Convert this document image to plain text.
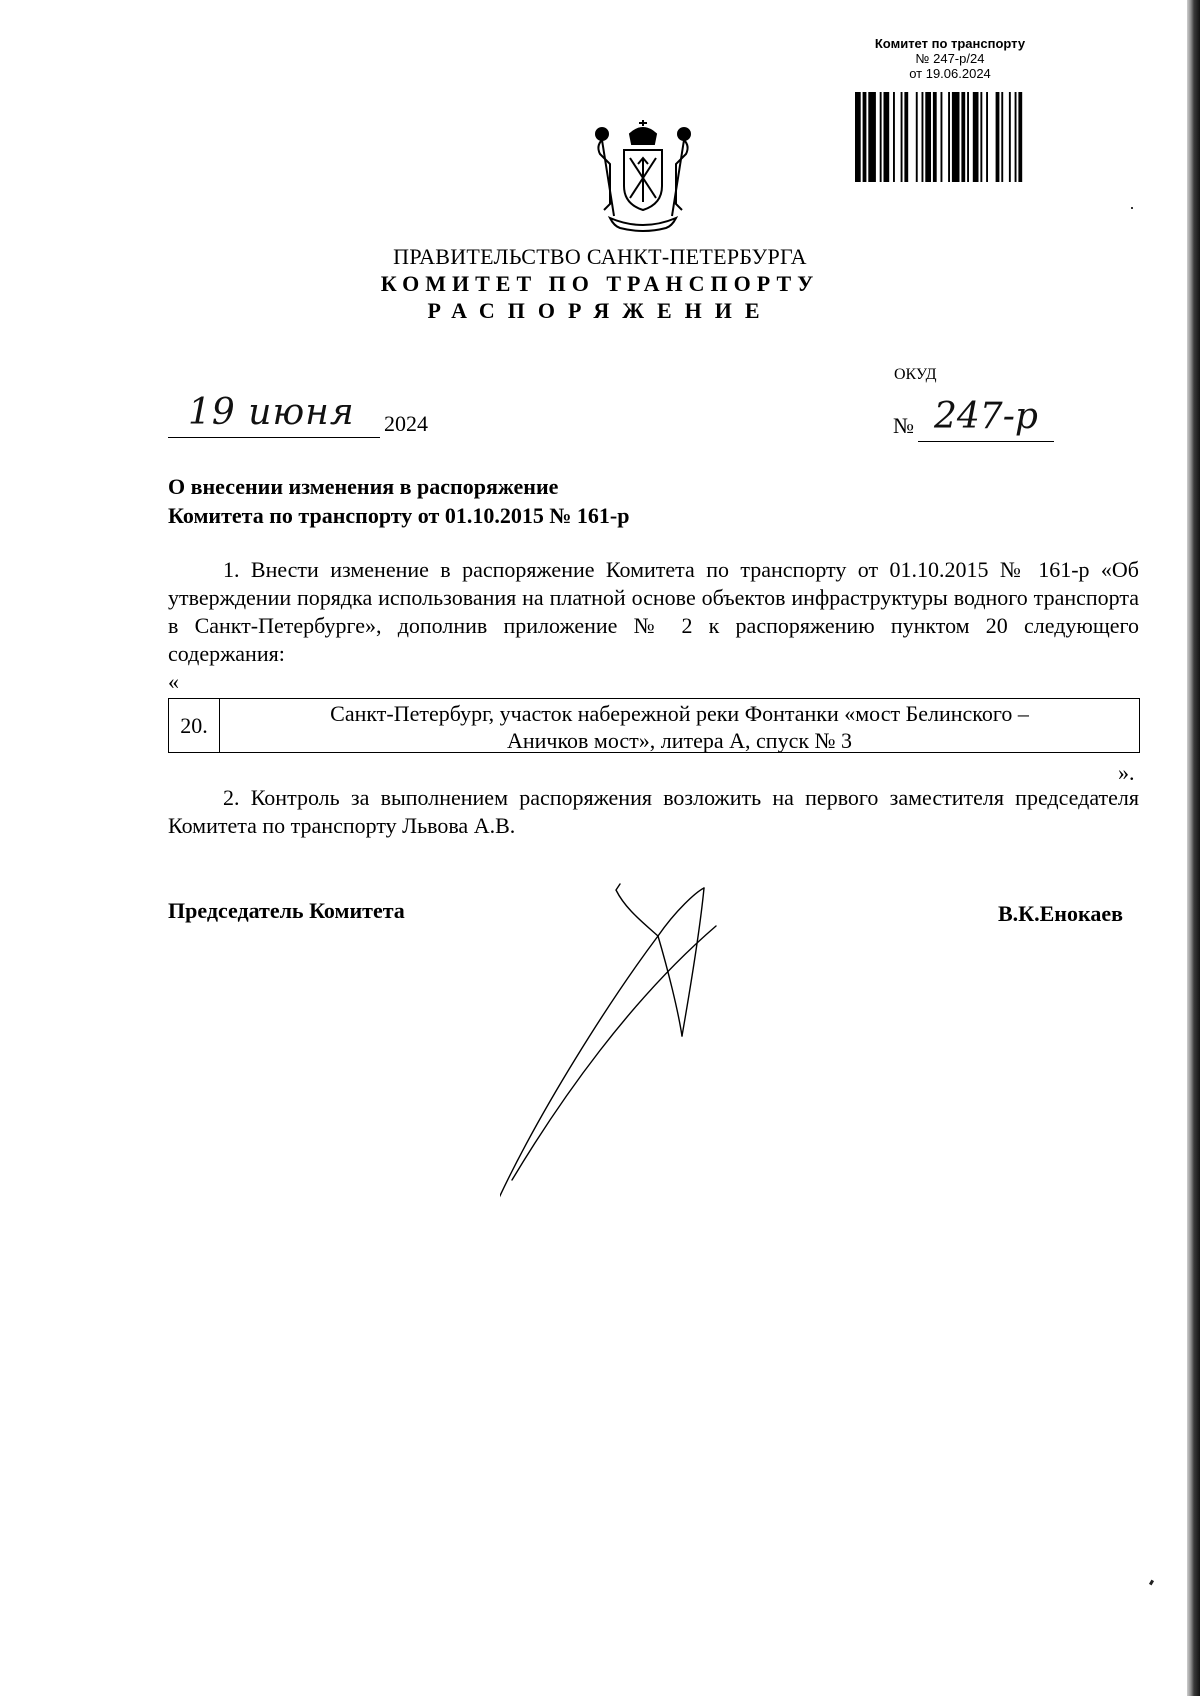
Комитет по транспорту
№ 247-р/24
от 19.06.2024
ПРАВИТЕЛЬСТВО САНКТ-ПЕТЕРБУРГА
КОМИТЕТ ПО ТРАНСПОРТУ
РАСПОРЯЖЕНИЕ
ОКУД
19 июня 2024	№ 247-р
О внесении изменения в распоряжение
Комитета по транспорту от 01.10.2015 № 161-р
1. Внести изменение в распоряжение Комитета по транспорту от 01.10.2015 № 161-р «Об утверждении порядка использования на платной основе объектов инфраструктуры водного транспорта в Санкт-Петербурге», дополнив приложение № 2 к распоряжению пунктом 20 следующего содержания:
«
20.	Санкт-Петербург, участок набережной реки Фонтанки «мост Белинского –
Аничков мост», литера А, спуск № 3
».
2. Контроль за выполнением распоряжения возложить на первого заместителя председателя Комитета по транспорту Львова А.В.
Председатель Комитета	В.К.Енокаев
